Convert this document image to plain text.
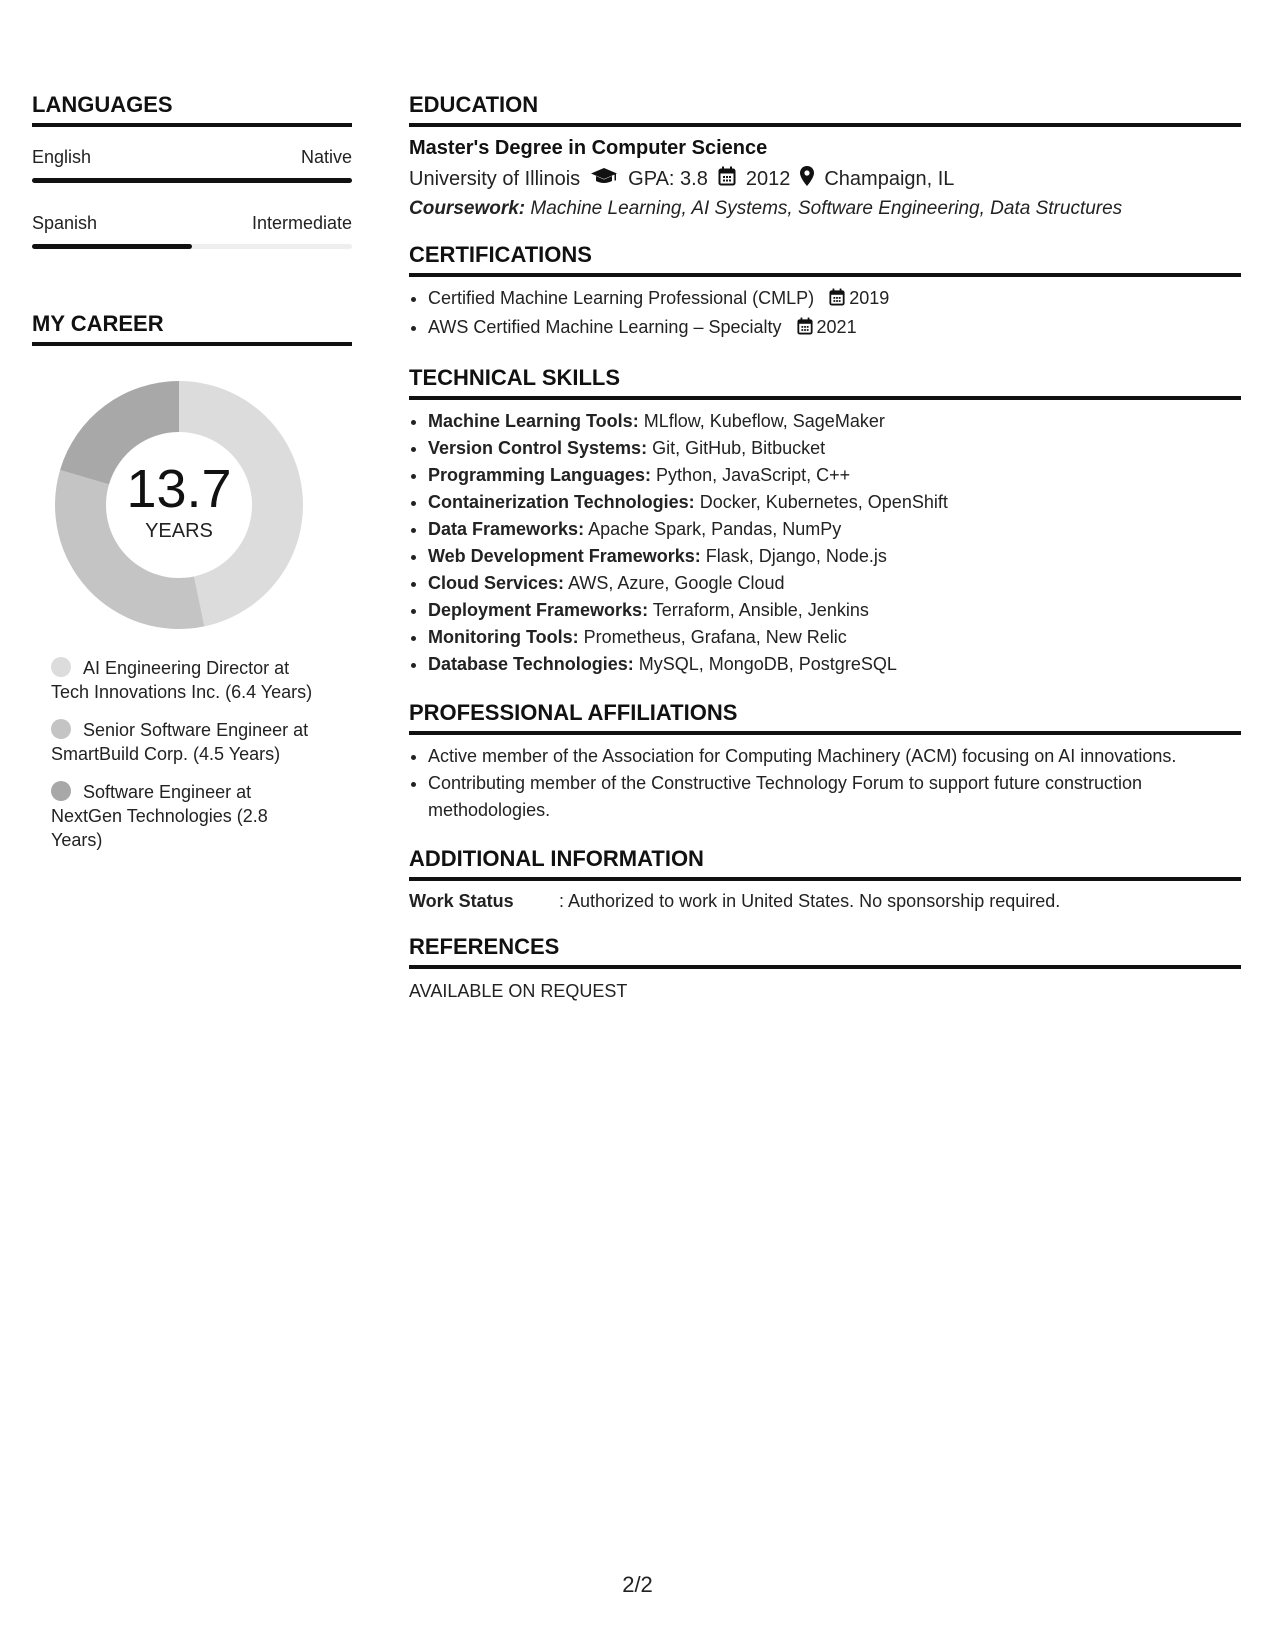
LANGUAGES
English	Native
Spanish	Intermediate
MY CAREER
13.7
YEARS
AI Engineering Director at Tech Innovations Inc. (6.4 Years)
Senior Software Engineer at SmartBuild Corp. (4.5 Years)
Software Engineer at NextGen Technologies (2.8 Years)
EDUCATION
Master's Degree in Computer Science
University of Illinois GPA: 3.8 2012 Champaign, IL
Coursework: Machine Learning, AI Systems, Software Engineering, Data Structures
CERTIFICATIONS
• Certified Machine Learning Professional (CMLP) 2019
• AWS Certified Machine Learning – Specialty 2021
TECHNICAL SKILLS
• Machine Learning Tools: MLflow, Kubeflow, SageMaker
• Version Control Systems: Git, GitHub, Bitbucket
• Programming Languages: Python, JavaScript, C++
• Containerization Technologies: Docker, Kubernetes, OpenShift
• Data Frameworks: Apache Spark, Pandas, NumPy
• Web Development Frameworks: Flask, Django, Node.js
• Cloud Services: AWS, Azure, Google Cloud
• Deployment Frameworks: Terraform, Ansible, Jenkins
• Monitoring Tools: Prometheus, Grafana, New Relic
• Database Technologies: MySQL, MongoDB, PostgreSQL
PROFESSIONAL AFFILIATIONS
• Active member of the Association for Computing Machinery (ACM) focusing on AI innovations.
• Contributing member of the Constructive Technology Forum to support future construction methodologies.
ADDITIONAL INFORMATION
Work Status	: Authorized to work in United States. No sponsorship required.
REFERENCES
AVAILABLE ON REQUEST
2/2
